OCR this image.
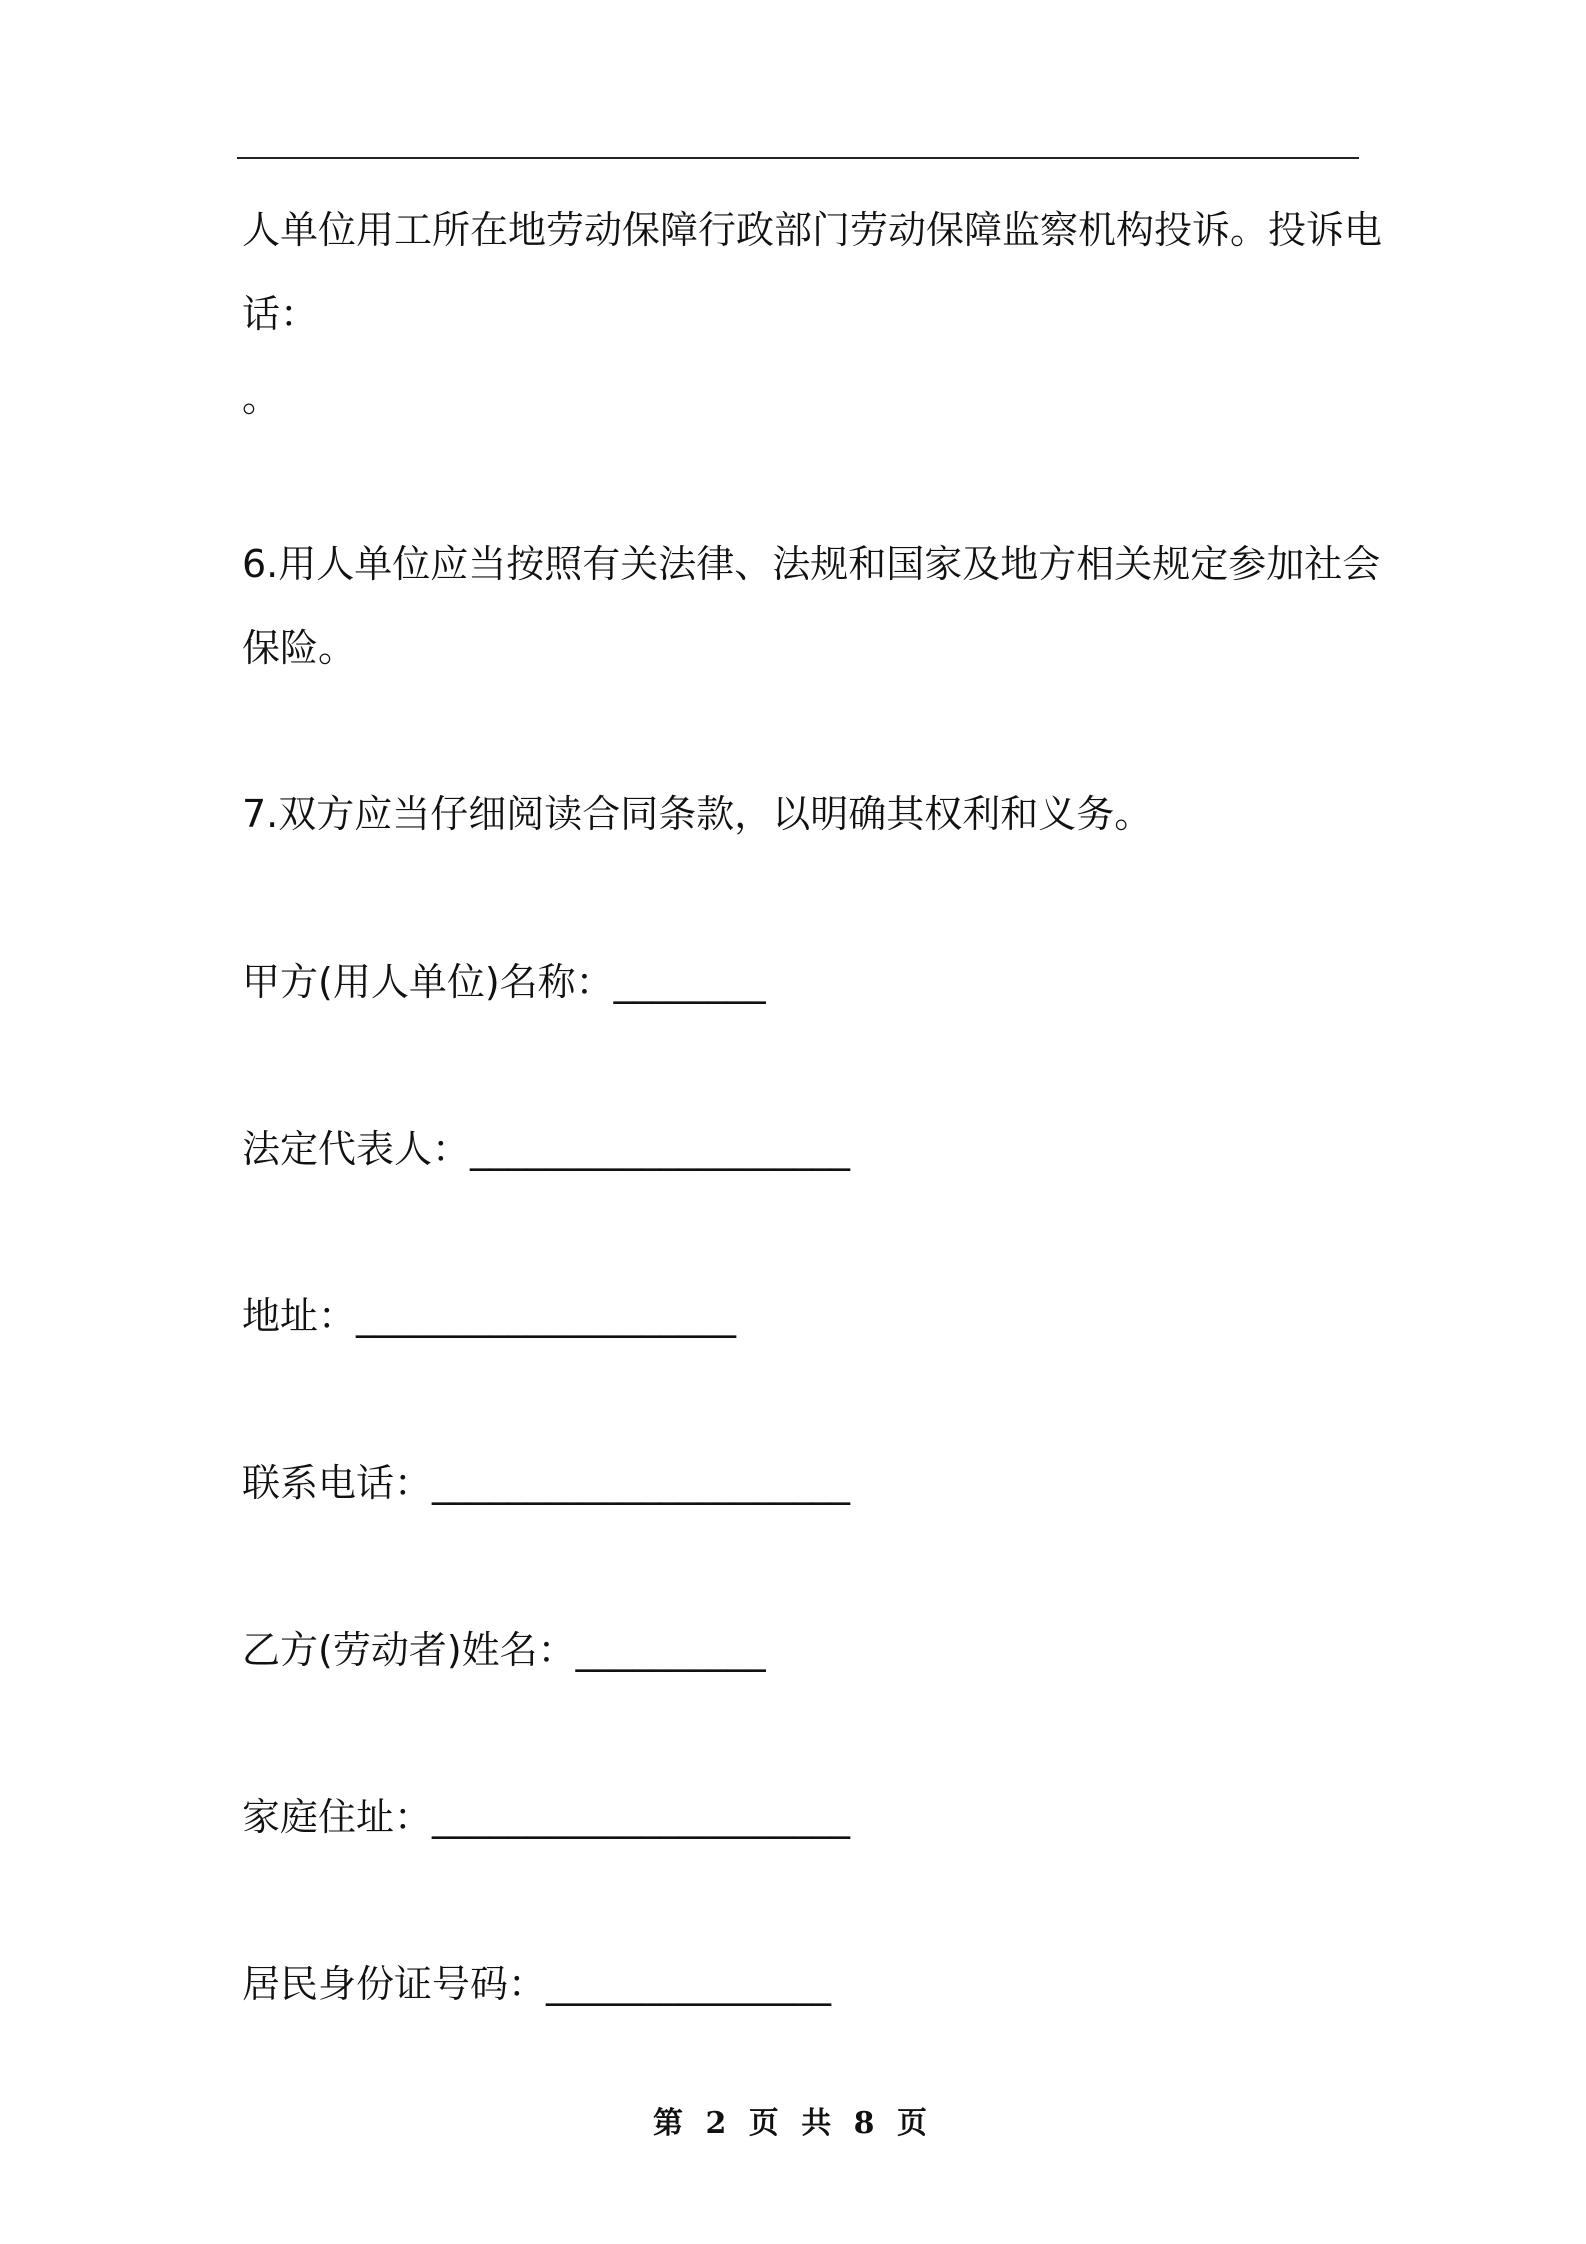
人单位用工所在地劳动保障行政部门劳动保障监察机构投诉。投诉电

话：

。

6.用人单位应当按照有关法律、法规和国家及地方相关规定参加社会

保险。

7.双方应当仔细阅读合同条款，以明确其权利和义务。

甲方(用人单位)名称：________

法定代表人：____________________

地址：____________________

联系电话：______________________

乙方(劳动者)姓名：__________

家庭住址：______________________

居民身份证号码：_______________

第 2 页 共 8 页
